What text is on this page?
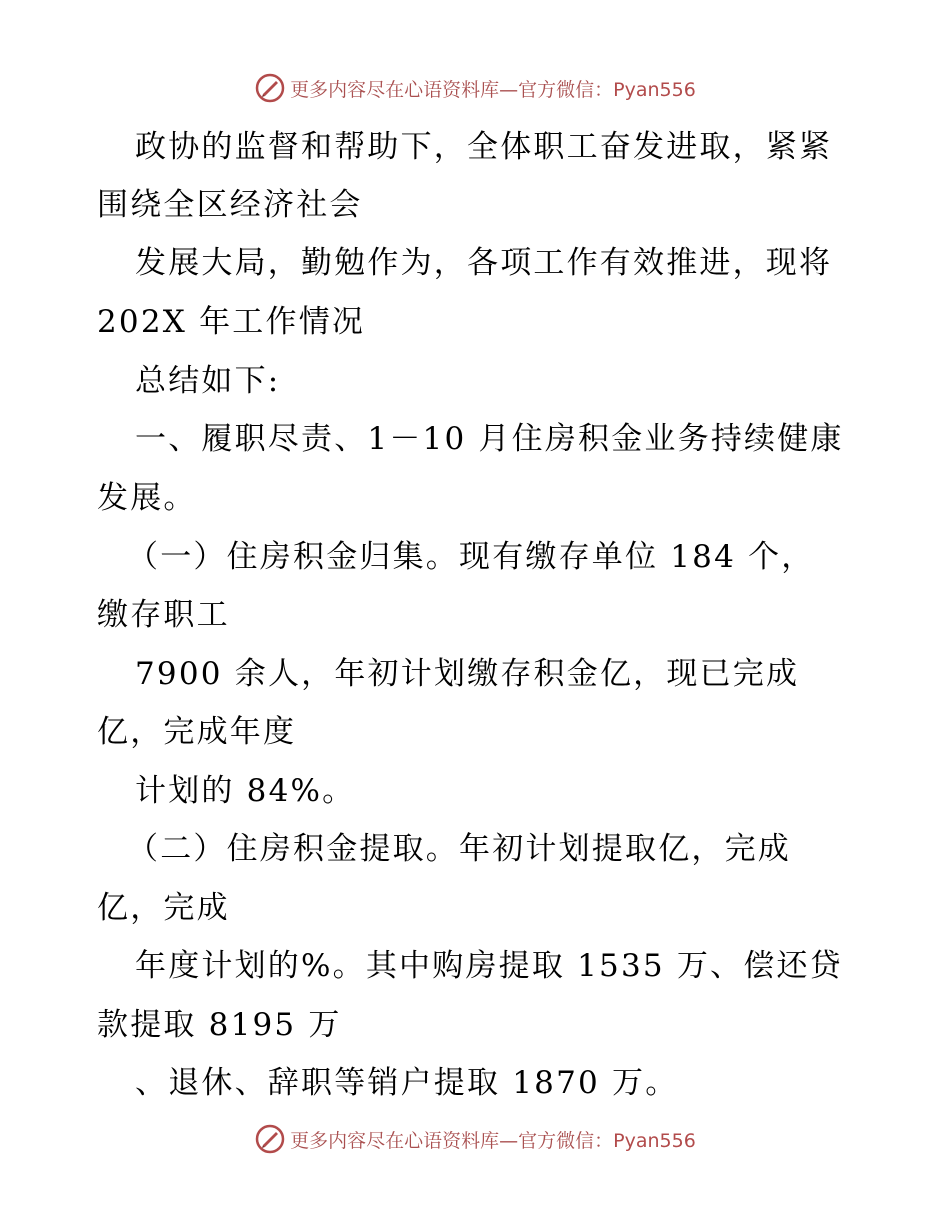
更多内容尽在心语资料库—官方微信：Pyan556
政协的监督和帮助下，全体职工奋发进取，紧紧
围绕全区经济社会
发展大局，勤勉作为，各项工作有效推进，现将
202X 年工作情况
总结如下:
一、履职尽责、1－10 月住房积金业务持续健康
发展。
（一）住房积金归集。现有缴存单位 184 个，
缴存职工
7900 余人，年初计划缴存积金亿，现已完成
亿，完成年度
计划的 84%。
（二）住房积金提取。年初计划提取亿，完成
亿，完成
年度计划的%。其中购房提取 1535 万、偿还贷
款提取 8195 万
、退休、辞职等销户提取 1870 万。
更多内容尽在心语资料库—官方微信：Pyan556
